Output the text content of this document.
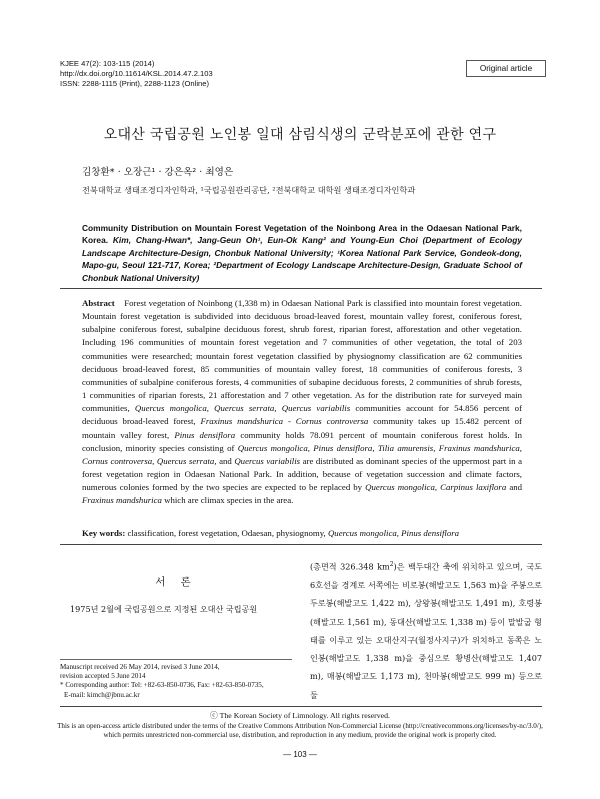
KJEE 47(2): 103-115 (2014)
http://dx.doi.org/10.11614/KSL.2014.47.2.103
ISSN: 2288-1115 (Print), 2288-1123 (Online)
Original article
오대산 국립공원 노인봉 일대 삼림식생의 군락분포에 관한 연구
김창환* · 오장근¹ · 강은옥² · 최영은
전북대학교 생태조경디자인학과, ¹국립공원관리공단, ²전북대학교 대학원 생태조경디자인학과
Community Distribution on Mountain Forest Vegetation of the Noinbong Area in the Odaesan National Park, Korea. Kim, Chang-Hwan*, Jang-Geun Oh¹, Eun-Ok Kang² and Young-Eun Choi (Department of Ecology Landscape Architecture-Design, Chonbuk National University; ¹Korea National Park Service, Gondeok-dong, Mapo-gu, Seoul 121-717, Korea; ²Department of Ecology Landscape Architecture-Design, Graduate School of Chonbuk National University)
Abstract Forest vegetation of Noinbong (1,338 m) in Odaesan National Park is classified into mountain forest vegetation. Mountain forest vegetation is subdivided into deciduous broad-leaved forest, mountain valley forest, coniferous forest, subalpine coniferous forest, subalpine deciduous forest, shrub forest, riparian forest, afforestation and other vegetation. Including 196 communities of mountain forest vegetation and 7 communities of other vegetation, the total of 203 communities were researched; mountain forest vegetation classified by physiognomy classification are 62 communities deciduous broad-leaved forest, 85 communities of mountain valley forest, 18 communities of coniferous forests, 3 communities of subalpine coniferous forests, 4 communities of subapine deciduous forests, 2 communities of shrub forests, 1 communities of riparian forests, 21 afforestation and 7 other vegetation. As for the distribution rate for surveyed main communities, Quercus mongolica, Quercus serrata, Quercus variabilis communities account for 54.856 percent of deciduous broad-leaved forest, Fraxinus mandshurica - Cornus controversa community takes up 15.482 percent of mountain valley forest, Pinus densiflora community holds 78.091 percent of mountain coniferous forest holds. In conclusion, minority species consisting of Quercus mongolica, Pinus densiflora, Tilia amurensis, Fraxinus mandshurica, Cornus controversa, Quercus serrata, and Quercus variabilis are distributed as dominant species of the uppermost part in a forest vegetation region in Odaesan National Park. In addition, because of vegetation succession and climate factors, numerous colonies formed by the two species are expected to be replaced by Quercus mongolica, Carpinus laxiflora and Fraxinus mandshurica which are climax species in the area.
Key words: classification, forest vegetation, Odaesan, physiognomy, Quercus mongolica, Pinus densiflora
서 론
1975년 2월에 국립공원으로 지정된 오대산 국립공원
(총면적 326.348 $km^2$)은 백두대간 축에 위치하고 있으며, 국도 6호선을 경계로 서쪽에는 비로봉(해발고도 1,563 m)을 주봉으로 두로봉(해발고도 1,422 m), 상왕봉(해발고도 1,491 m), 호령봉(해발고도 1,561 m), 동대산(해발고도 1,338 m) 등이 말발굽 형태를 이루고 있는 오대산지구(월정사지구)가 위치하고 동쪽은 노인봉(해발고도 1,338 m)을 중심으로 황병산(해발고도 1,407 m), 매봉(해발고도 1,173 m), 천마봉(해발고도 999 m) 등으로 둘
Manuscript received 26 May 2014, revised 3 June 2014,
revision accepted 5 June 2014
* Corresponding author: Tel: +82-63-850-0736, Fax: +82-63-850-0735,
E-mail: kimch@jbnu.ac.kr
ⓒ The Korean Society of Limnology. All rights reserved.
This is an open-access article distributed under the terms of the Creative Commons Attribution Non-Commercial License (http://creativecommons.org/licenses/by-nc/3.0/),
which permits unrestricted non-commercial use, distribution, and reproduction in any medium, provide the original work is properly cited.
— 103 —
